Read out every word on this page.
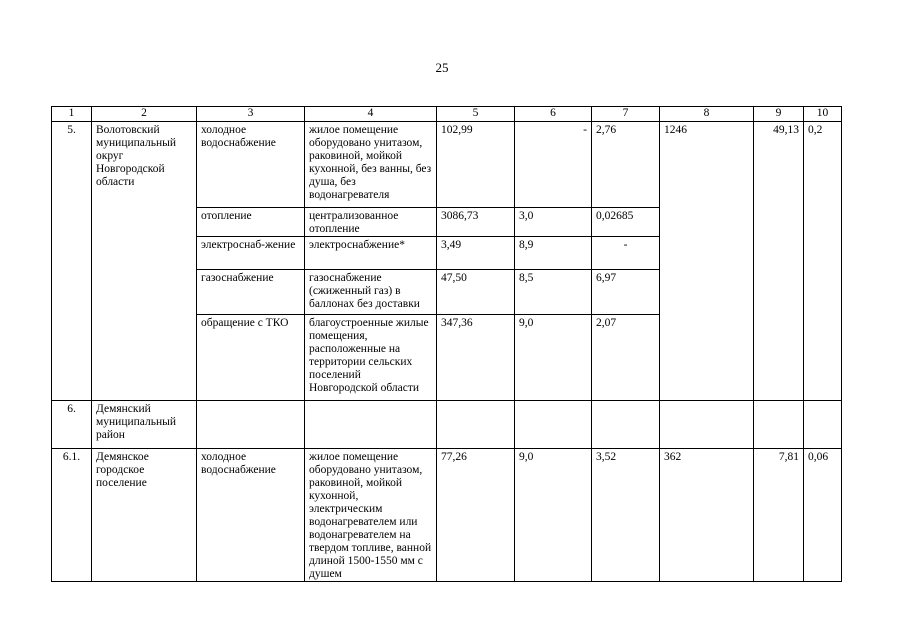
25
1	2	3	4	5	6	7	8	9	10
5.	Волотовский муниципальный округ Новгородской области	холодное водоснабжение	жилое помещение оборудовано унитазом, раковиной, мойкой кухонной, без ванны, без душа, без водонагревателя	102,99	-	2,76	1246	49,13	0,2
		отопление	централизованное отопление	3086,73	3,0	0,02685			
		электроснаб-жение	электроснабжение*	3,49	8,9	-			
		газоснабжение	газоснабжение (сжиженный газ) в баллонах без доставки	47,50	8,5	6,97			
		обращение с ТКО	благоустроенные жилые помещения, расположенные на территории сельских поселений Новгородской области	347,36	9,0	2,07			
6.	Демянский муниципальный район								
6.1.	Демянское городское поселение	холодное водоснабжение	жилое помещение оборудовано унитазом, раковиной, мойкой кухонной, электрическим водонагревателем или водонагревателем на твердом топливе, ванной длиной 1500-1550 мм с душем	77,26	9,0	3,52	362	7,81	0,06
